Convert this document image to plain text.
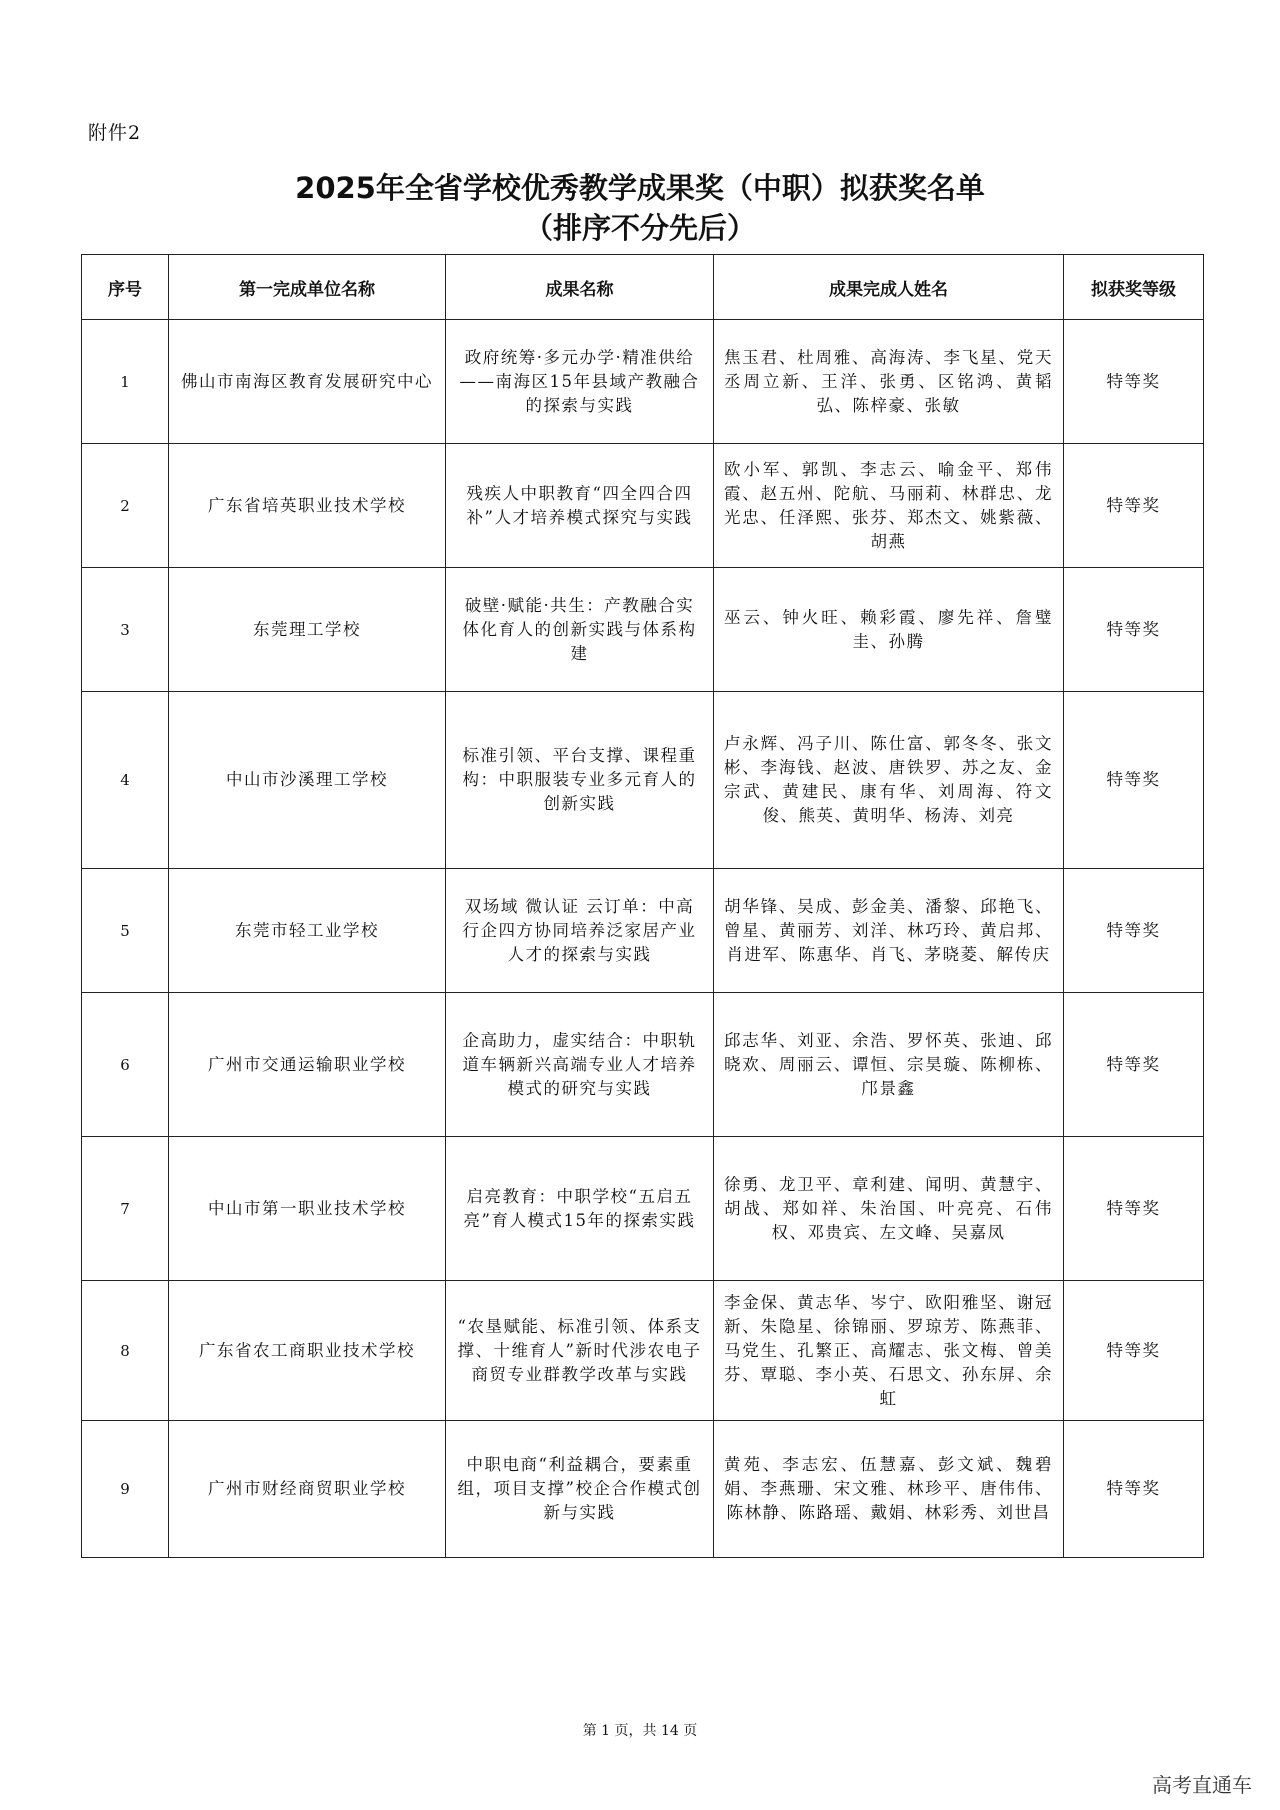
附件2
2025年全省学校优秀教学成果奖（中职）拟获奖名单
（排序不分先后）
序号	第一完成单位名称	成果名称	成果完成人姓名	拟获奖等级
1	佛山市南海区教育发展研究中心	政府统筹·多元办学·精准供给——南海区15年县域产教融合的探索与实践	焦玉君、杜周雅、高海涛、李飞星、党天丞周立新、王洋、张勇、区铭鸿、黄韬弘、陈梓豪、张敏	特等奖
2	广东省培英职业技术学校	残疾人中职教育“四全四合四补”人才培养模式探究与实践	欧小军、郭凯、李志云、喻金平、郑伟霞、赵五州、陀航、马丽莉、林群忠、龙光忠、任泽熙、张芬、郑杰文、姚紫薇、胡燕	特等奖
3	东莞理工学校	破壁·赋能·共生：产教融合实体化育人的创新实践与体系构建	巫云、钟火旺、赖彩霞、廖先祥、詹璧圭、孙腾	特等奖
4	中山市沙溪理工学校	标准引领、平台支撑、课程重构：中职服装专业多元育人的创新实践	卢永辉、冯子川、陈仕富、郭冬冬、张文彬、李海钱、赵波、唐铁罗、苏之友、金宗武、黄建民、康有华、刘周海、符文俊、熊英、黄明华、杨涛、刘亮	特等奖
5	东莞市轻工业学校	双场域 微认证 云订单：中高行企四方协同培养泛家居产业人才的探索与实践	胡华锋、吴成、彭金美、潘黎、邱艳飞、曾星、黄丽芳、刘洋、林巧玲、黄启邦、肖进军、陈惠华、肖飞、茅晓菱、解传庆	特等奖
6	广州市交通运输职业学校	企高助力，虚实结合：中职轨道车辆新兴高端专业人才培养模式的研究与实践	邱志华、刘亚、余浩、罗怀英、张迪、邱晓欢、周丽云、谭恒、宗昊璇、陈柳栋、邝景鑫	特等奖
7	中山市第一职业技术学校	启亮教育：中职学校“五启五亮”育人模式15年的探索实践	徐勇、龙卫平、章利建、闻明、黄慧宇、胡战、郑如祥、朱治国、叶亮亮、石伟权、邓贵宾、左文峰、吴嘉凤	特等奖
8	广东省农工商职业技术学校	“农垦赋能、标准引领、体系支撑、十维育人”新时代涉农电子商贸专业群教学改革与实践	李金保、黄志华、岑宁、欧阳雅坚、谢冠新、朱隐星、徐锦丽、罗琼芳、陈燕菲、马党生、孔繁正、高耀志、张文梅、曾美芬、覃聪、李小英、石思文、孙东屏、余虹	特等奖
9	广州市财经商贸职业学校	中职电商“利益耦合，要素重组，项目支撑”校企合作模式创新与实践	黄苑、李志宏、伍慧嘉、彭文斌、魏碧娟、李燕珊、宋文雅、林珍平、唐伟伟、陈林静、陈路瑶、戴娟、林彩秀、刘世昌	特等奖
第 1 页，共 14 页
高考直通车
